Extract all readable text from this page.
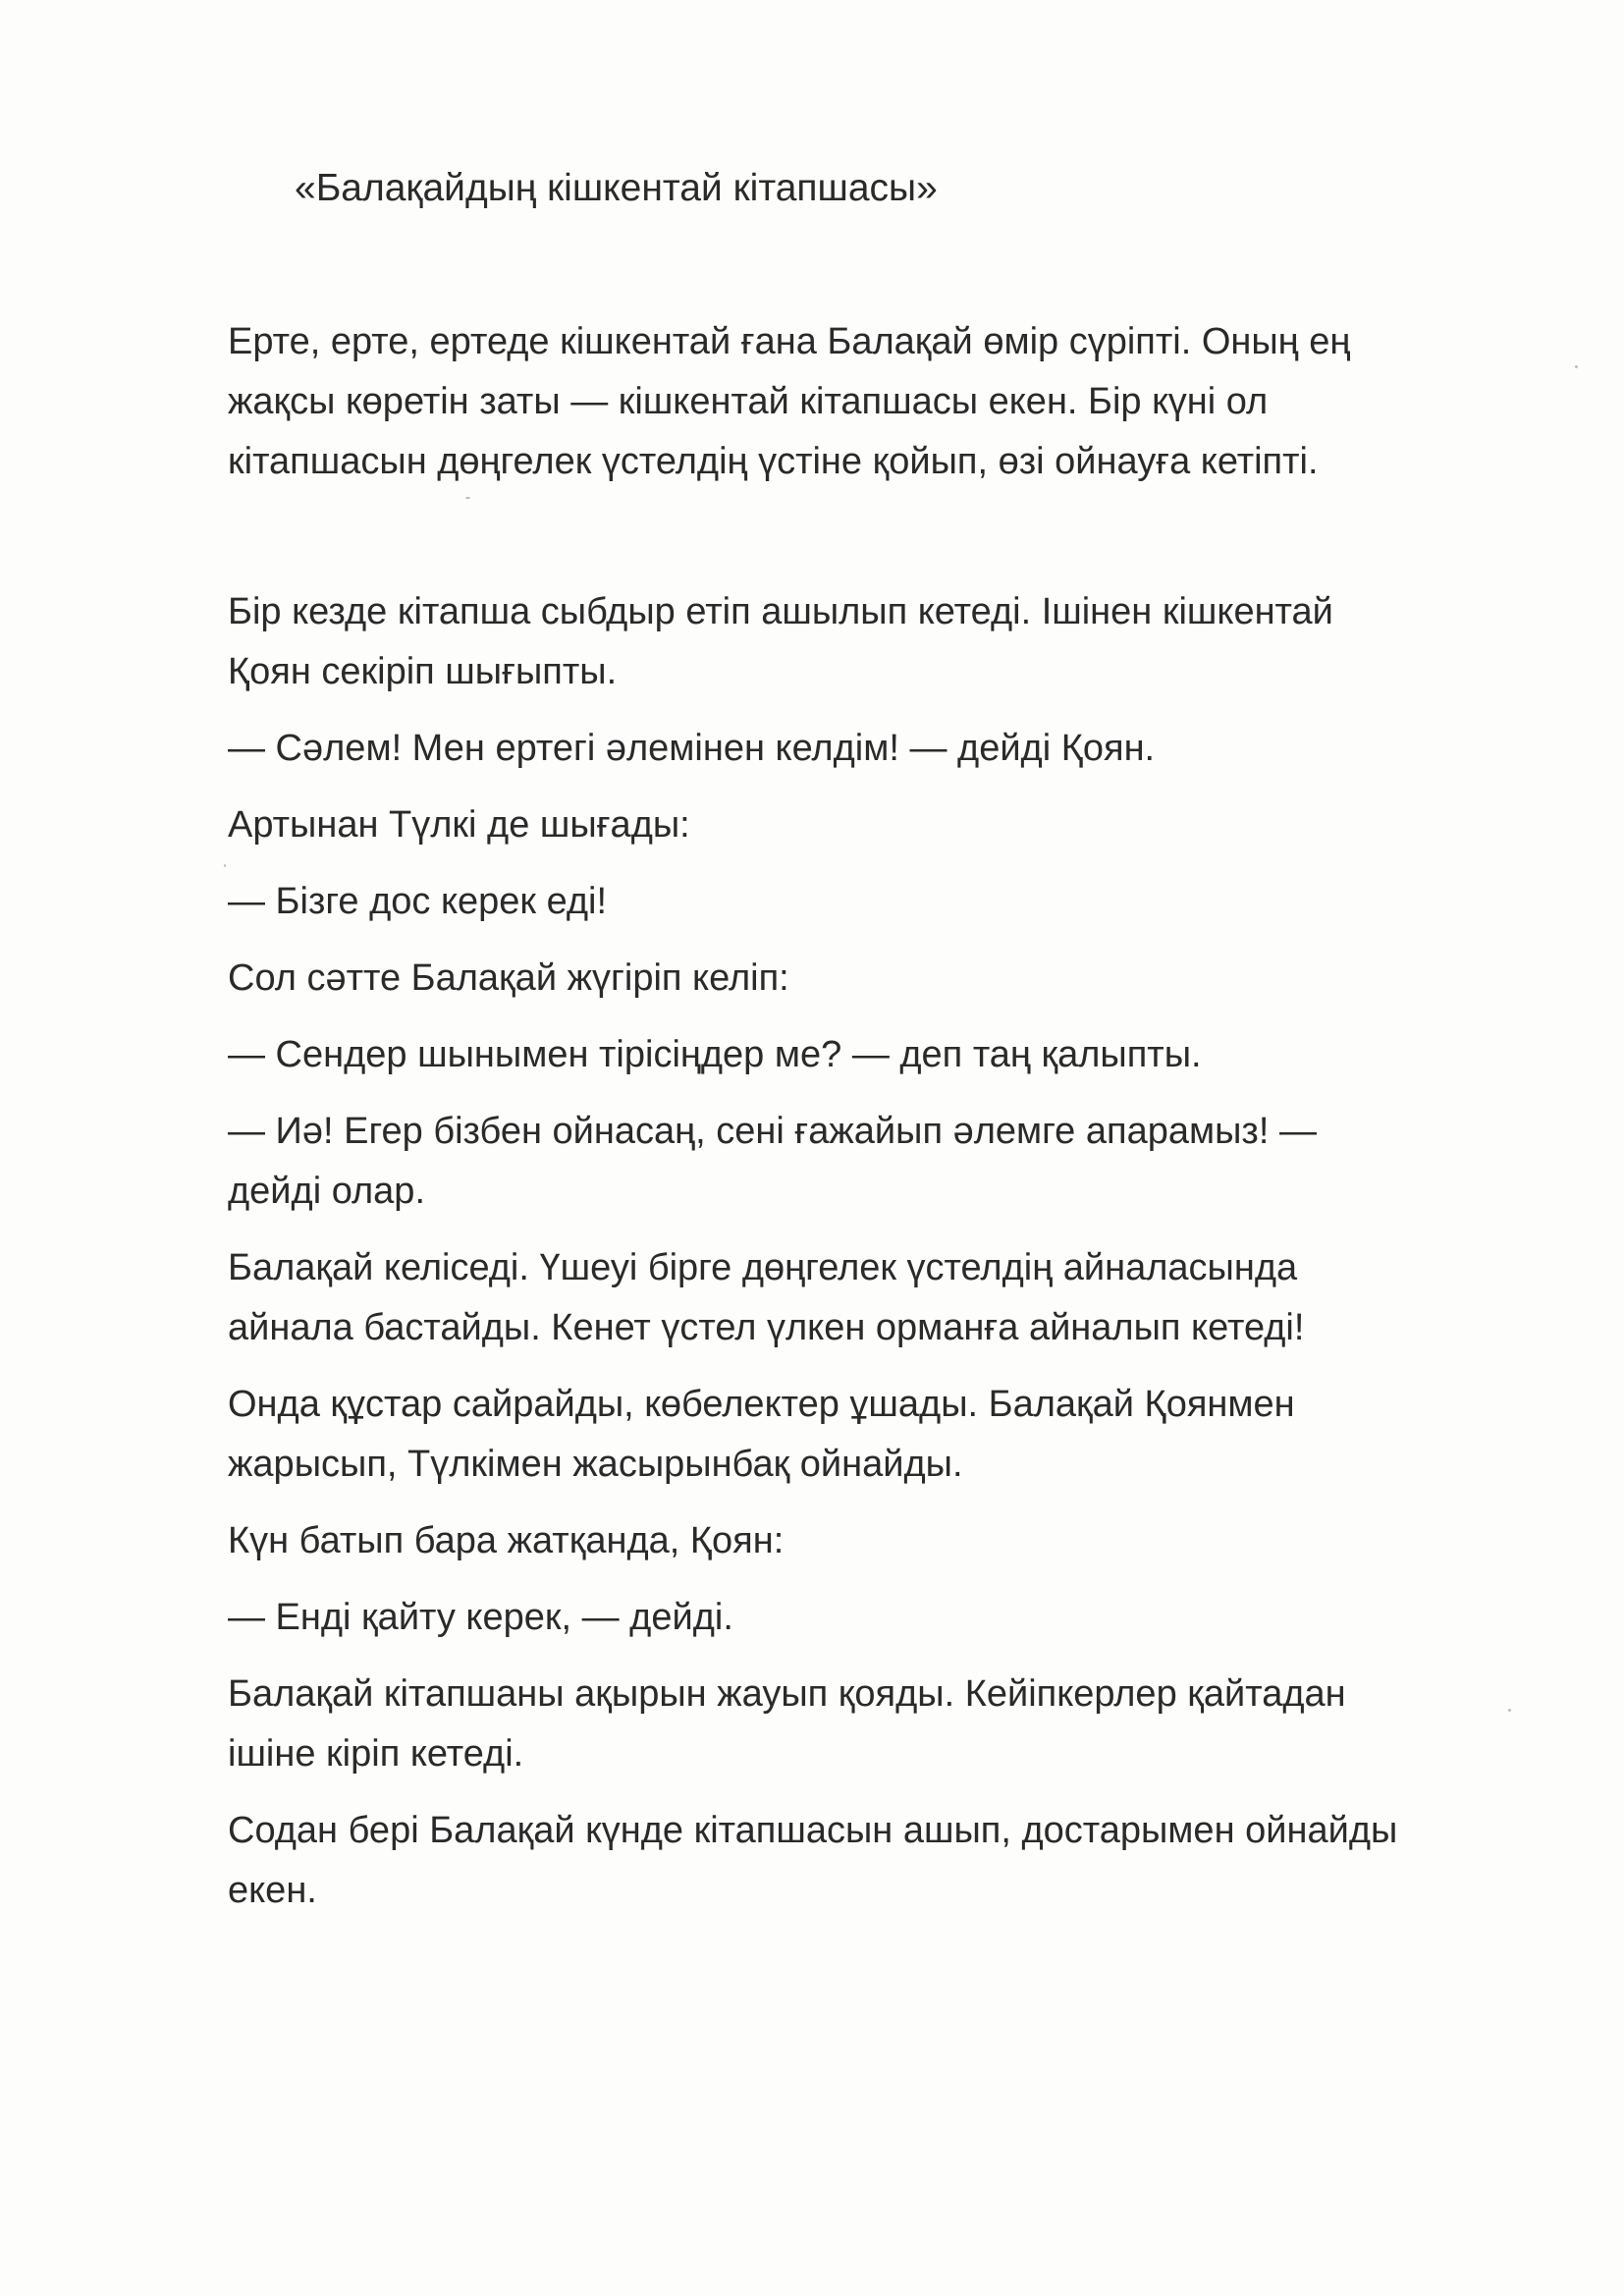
«Балақайдың кішкентай кітапшасы»

Ерте, ерте, ертеде кішкентай ғана Балақай өмір сүріпті. Оның ең
жақсы көретін заты — кішкентай кітапшасы екен. Бір күні ол
кітапшасын дөңгелек үстелдің үстіне қойып, өзі ойнауға кетіпті.

Бір кезде кітапша сыбдыр етіп ашылып кетеді. Ішінен кішкентай
Қоян секіріп шығыпты.

— Сәлем! Мен ертегі әлемінен келдім! — дейді Қоян.

Артынан Түлкі де шығады:

— Бізге дос керек еді!

Сол сәтте Балақай жүгіріп келіп:

— Сендер шынымен тірісіңдер ме? — деп таң қалыпты.

— Иә! Егер бізбен ойнасаң, сені ғажайып әлемге апарамыз! —
дейді олар.

Балақай келіседі. Үшеуі бірге дөңгелек үстелдің айналасында
айнала бастайды. Кенет үстел үлкен орманға айналып кетеді!

Онда құстар сайрайды, көбелектер ұшады. Балақай Қоянмен
жарысып, Түлкімен жасырынбақ ойнайды.

Күн батып бара жатқанда, Қоян:

— Енді қайту керек, — дейді.

Балақай кітапшаны ақырын жауып қояды. Кейіпкерлер қайтадан
ішіне кіріп кетеді.

Содан бері Балақай күнде кітапшасын ашып, достарымен ойнайды
екен.
